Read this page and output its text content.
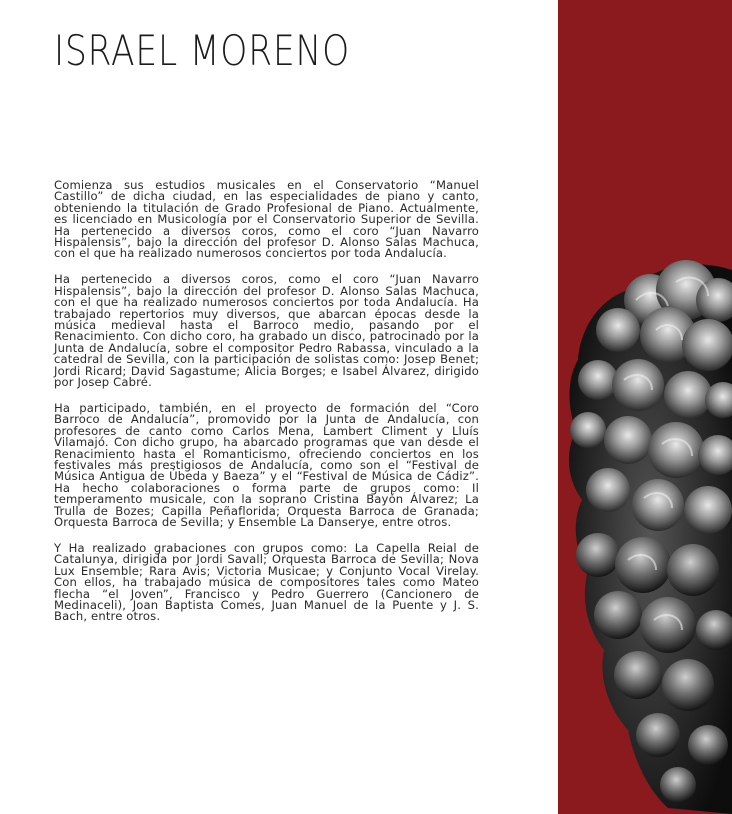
ISRAEL MORENO

Comienza sus estudios musicales en el Conservatorio “Manuel Castillo” de dicha ciudad, en las especialidades de piano y canto, obteniendo la titulación de Grado Profesional de Piano. Actualmente, es licenciado en Musicología por el Conservatorio Superior de Sevilla. Ha pertenecido a diversos coros, como el coro “Juan Navarro Hispalensis”, bajo la dirección del profesor D. Alonso Salas Machuca, con el que ha realizado numerosos conciertos por toda Andalucía.

Ha pertenecido a diversos coros, como el coro “Juan Navarro Hispalensis”, bajo la dirección del profesor D. Alonso Salas Machuca, con el que ha realizado numerosos conciertos por toda Andalucía. Ha trabajado repertorios muy diversos, que abarcan épocas desde la música medieval hasta el Barroco medio, pasando por el Renacimiento. Con dicho coro, ha grabado un disco, patrocinado por la Junta de Andalucía, sobre el compositor Pedro Rabassa, vinculado a la catedral de Sevilla, con la participación de solistas como: Josep Benet; Jordi Ricard; David Sagastume; Alicia Borges; e Isabel Álvarez, dirigido por Josep Cabré.

Ha participado, también, en el proyecto de formación del “Coro Barroco de Andalucía”, promovido por la Junta de Andalucía, con profesores de canto como Carlos Mena, Lambert Climent y Lluís Vilamajó. Con dicho grupo, ha abarcado programas que van desde el Renacimiento hasta el Romanticismo, ofreciendo conciertos en los festivales más prestigiosos de Andalucía, como son el “Festival de Música Antigua de Úbeda y Baeza” y el “Festival de Música de Cádiz”. Ha hecho colaboraciones o forma parte de grupos como: Il temperamento musicale, con la soprano Cristina Bayón Álvarez; La Trulla de Bozes; Capilla Peñaflorida; Orquesta Barroca de Granada; Orquesta Barroca de Sevilla; y Ensemble La Danserye, entre otros.

Y Ha realizado grabaciones con grupos como: La Capella Reial de Catalunya, dirigida por Jordi Savall; Orquesta Barroca de Sevilla; Nova Lux Ensemble; Rara Avis; Victoria Musicae; y Conjunto Vocal Virelay. Con ellos, ha trabajado música de compositores tales como Mateo flecha “el Joven”, Francisco y Pedro Guerrero (Cancionero de Medinaceli), Joan Baptista Comes, Juan Manuel de la Puente y J. S. Bach, entre otros.
